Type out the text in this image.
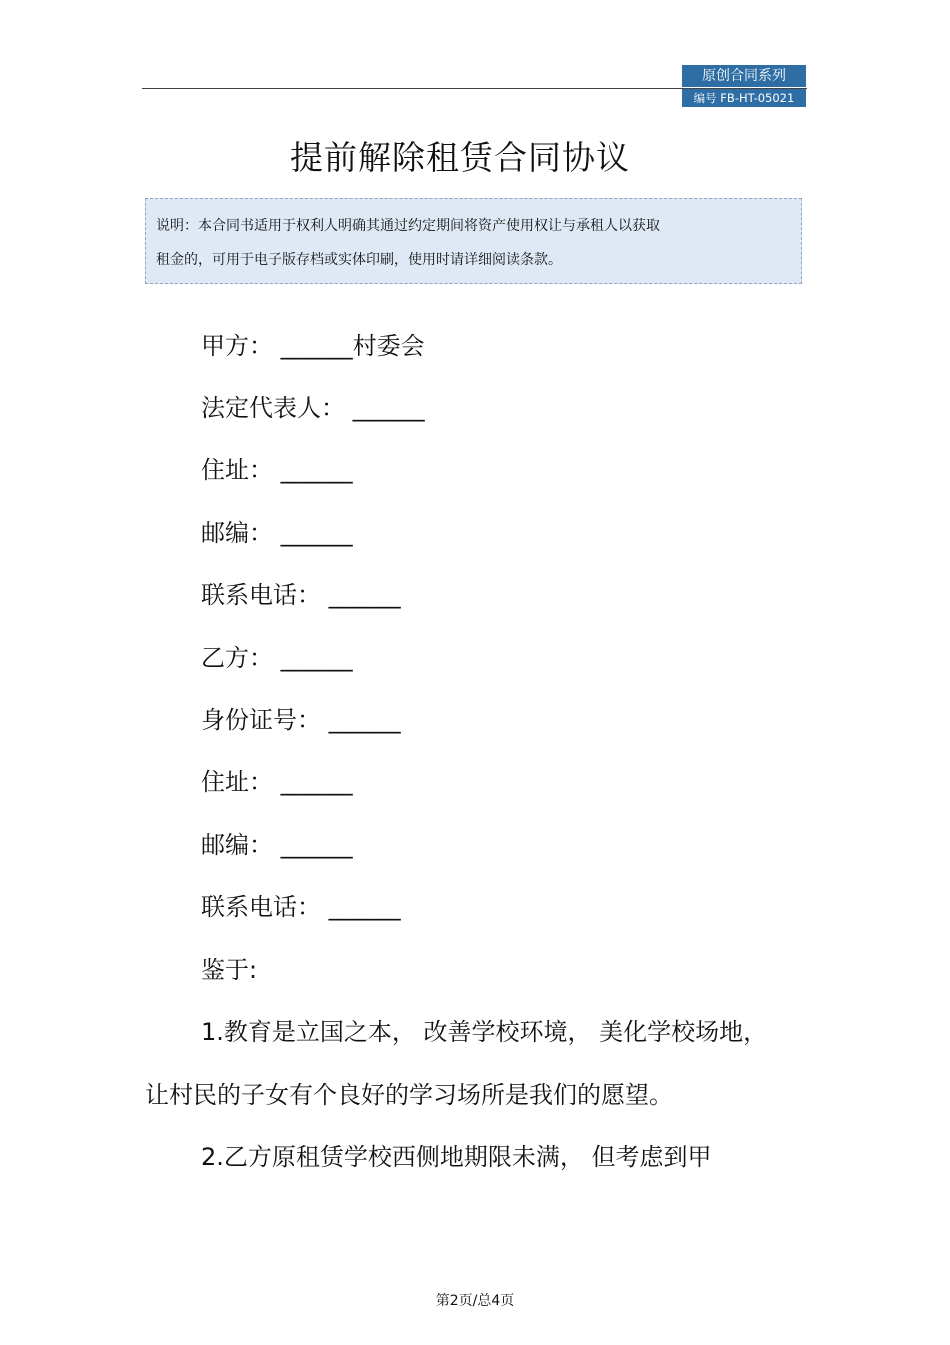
原创合同系列
编号 FB-HT-05021
提前解除租赁合同协议
说明：本合同书适用于权利人明确其通过约定期间将资产使用权让与承租人以获取
租金的，可用于电子版存档或实体印刷，使用时请详细阅读条款。
甲方： ______村委会
法定代表人： ______
住址： ______
邮编： ______
联系电话： ______
乙方： ______
身份证号： ______
住址： ______
邮编： ______
联系电话： ______
鉴于:
1.教育是立国之本， 改善学校环境， 美化学校场地，
让村民的子女有个良好的学习场所是我们的愿望。
2.乙方原租赁学校西侧地期限未满， 但考虑到甲
第2页/总4页
